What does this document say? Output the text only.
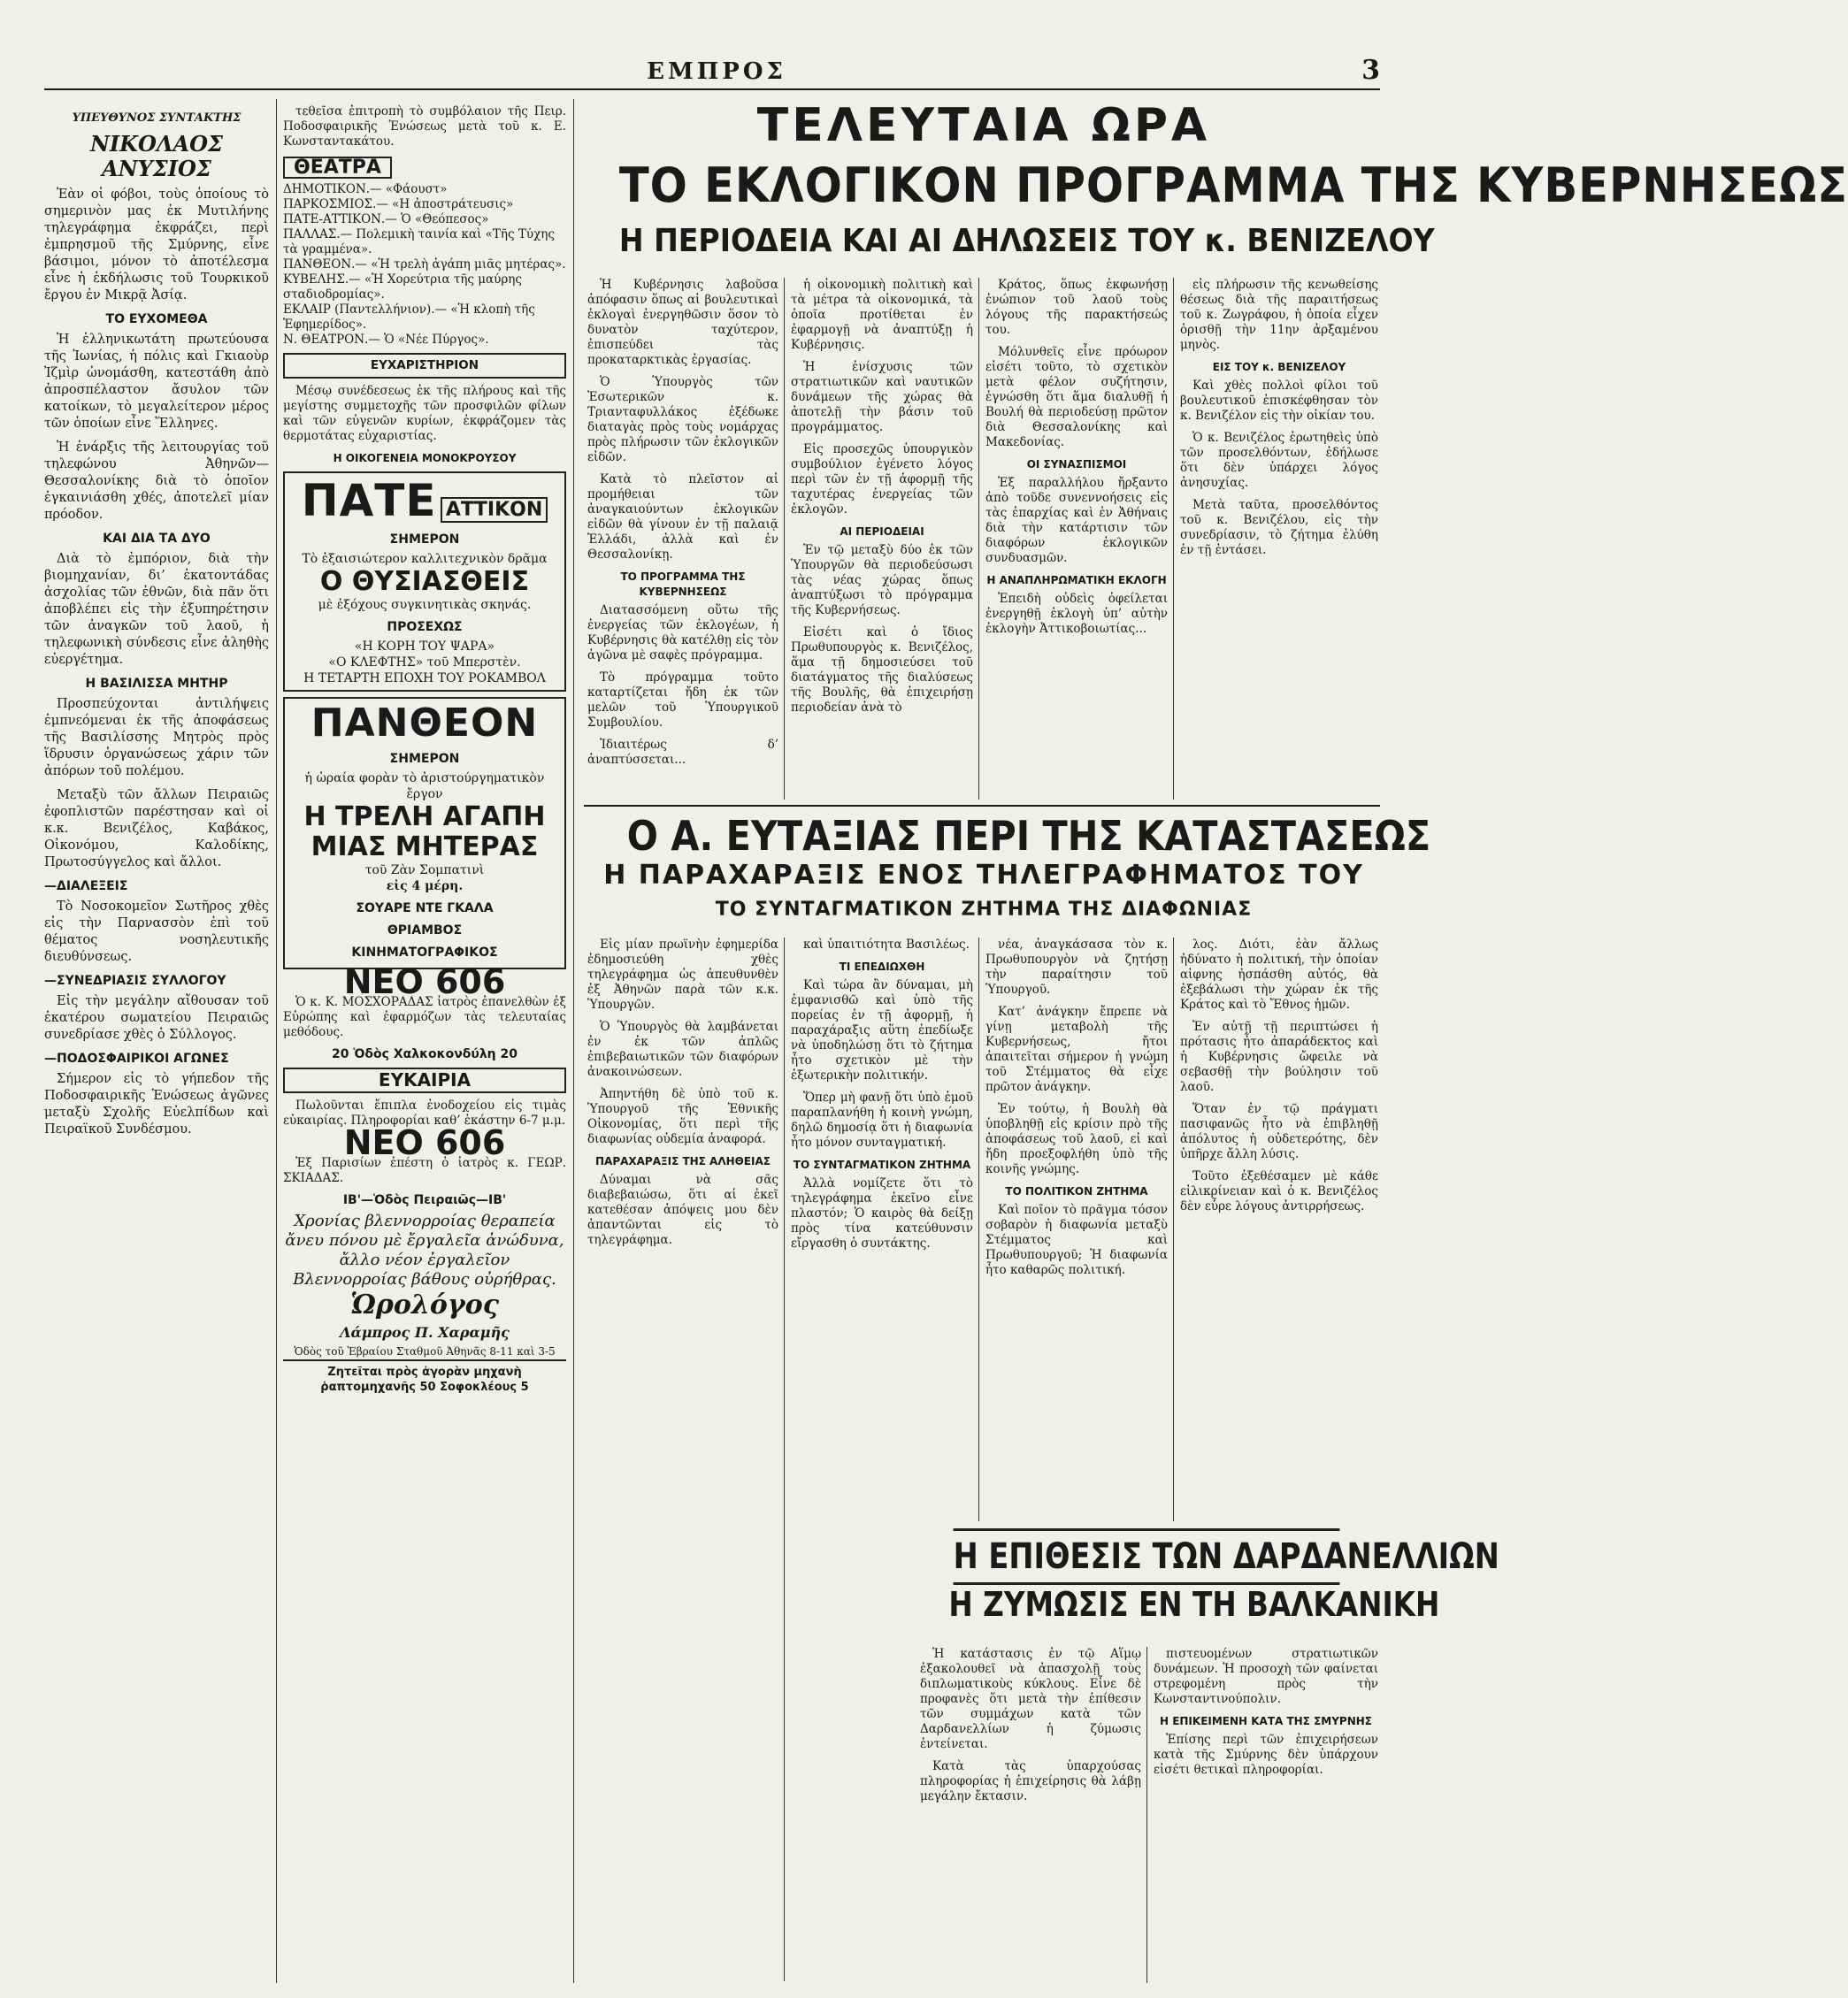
ΕΜΠΡΟΣ	3
ΥΠΕΥΘΥΝΟΣ ΣΥΝΤΑΚΤΗΣ
ΝΙΚΟΛΑΟΣ ΑΝΥΣΙΟΣ

Ἐὰν οἱ φόβοι, τοὺς ὁποίους τὸ σημερινὸν μας ἐκ Μυτιλήνης τηλεγράφημα ἐκφράζει, περὶ ἐμπρησμοῦ τῆς Σμύρνης, εἶνε βάσιμοι, μόνον τὸ ἀποτέλεσμα εἶνε ἡ ἐκδήλωσις τοῦ Τουρκικοῦ ἔργου ἐν Μικρᾷ Ἀσίᾳ.

ΤΟ ΕΥΧΟΜΕΘΑ

Ἡ ἑλληνικωτάτη πρωτεύουσα τῆς Ἰωνίας, ἡ πόλις καὶ Γκιαοὺρ Ἰζμὶρ ὠνομάσθη, κατεστάθη ἀπὸ ἀπροσπέλαστον ἄσυλον τῶν κατοίκων, τὸ μεγαλείτερον μέρος τῶν ὁποίων εἶνε Ἕλληνες.

Ἡ ἐνάρξις τῆς λειτουργίας τοῦ τηλεφώνου Ἀθηνῶν—Θεσσαλονίκης διὰ τὸ ὁποῖον ἐγκαινιάσθη χθές, ἀποτελεῖ μίαν πρόοδον.

ΚΑΙ ΔΙΑ ΤΑ ΔΥΟ

Διὰ τὸ ἐμπόριον, διὰ τὴν βιομηχανίαν, δι’ ἑκατοντάδας ἀσχολίας τῶν ἐθνῶν, διὰ πᾶν ὅτι ἀποβλέπει εἰς τὴν ἐξυπηρέτησιν τῶν ἀναγκῶν τοῦ λαοῦ, ἡ τηλεφωνικὴ σύνδεσις εἶνε ἀληθὴς εὐεργέτημα.

Η ΒΑΣΙΛΙΣΣΑ ΜΗΤΗΡ

Προσπεύχονται ἀντιλήψεις ἐμπνεόμεναι ἐκ τῆς ἀποφάσεως τῆς Βασιλίσσης Μητρὸς πρὸς ἵδρυσιν ὀργανώσεως χάριν τῶν ἀπόρων τοῦ πολέμου.

Μεταξὺ τῶν ἄλλων Πειραιῶς ἐφοπλιστῶν παρέστησαν καὶ οἱ κ.κ. Βενιζέλος, Καβάκος, Οἰκονόμου, Καλοδίκης, Πρωτοσύγγελος καὶ ἄλλοι.

—ΔΙΑΛΕΞΕΙΣ

Τὸ Νοσοκομεῖον Σωτῆρος χθὲς εἰς τὴν Παρνασσὸν ἐπὶ τοῦ θέματος νοσηλευτικῆς διευθύνσεως.

—ΣΥΝΕΔΡΙΑΣΙΣ ΣΥΛΛΟΓΟΥ

Εἰς τὴν μεγάλην αἴθουσαν τοῦ ἐκατέρου σωματείου Πειραιῶς συνεδρίασε χθὲς ὁ Σύλλογος.

—ΠΟΔΟΣΦΑΙΡΙΚΟΙ ΑΓΩΝΕΣ

Σήμερον εἰς τὸ γήπεδον τῆς Ποδοσφαιρικῆς Ἑνώσεως ἀγῶνες μεταξὺ Σχολῆς Εὐελπίδων καὶ Πειραϊκοῦ Συνδέσμου.

τεθεῖσα ἐπιτροπὴ τὸ συμβόλαιον τῆς Πειρ. Ποδοσφαιρικῆς Ἑνώσεως μετὰ τοῦ κ. Ε. Κωνσταντακάτου.

ΘΕΑΤΡΑ
ΔΗΜΟΤΙΚΟΝ.— «Φάουστ»
ΠΑΡΚΟΣΜΙΟΣ.— «Η ἀποστράτευσις»
ΠΑΤΕ-ΑΤΤΙΚΟΝ.— Ὁ «Θεόπεσος»
ΠΑΛΛΑΣ.— Πολεμικὴ ταινία καὶ «Τῆς Τύχης τὰ γραμμένα».
ΠΑΝΘΕΟΝ.— «Ἡ τρελὴ ἀγάπη μιᾶς μητέρας».
ΚΥΒΕΛΗΣ.— «Ἡ Χορεύτρια τῆς μαύρης σταδιοδρομίας».
ΕΚΛΑΙΡ (Παντελλήνιον).— «Ἡ κλοπὴ τῆς Ἑφημερίδος».
Ν. ΘΕΑΤΡΟΝ.— Ὁ «Νέε Πύργος».
ΕΥΧΑΡΙΣΤΗΡΙΟΝ

Μέσῳ συνέδεσεως ἐκ τῆς πλήρους καὶ τῆς μεγίστης συμμετοχῆς τῶν προσφιλῶν φίλων καὶ τῶν εὐγενῶν κυρίων, ἐκφράζομεν τὰς θερμοτάτας εὐχαριστίας.

Η ΟΙΚΟΓΕΝΕΙΑ ΜΟΝΟΚΡΟΥΣΟΥ
ΠΑΤΕ ΑΤΤΙΚΟΝ
ΣΗΜΕΡΟΝ
Τὸ ἐξαισιώτερον καλλιτεχνικὸν δρᾶμα
Ο ΘΥΣΙΑΣΘΕΙΣ
μὲ ἐξόχους συγκινητικὰς σκηνάς.
ΠΡΟΣΕΧΩΣ
«Η ΚΟΡΗ ΤΟΥ ΨΑΡΑ»
«Ο ΚΛΕΦΤΗΣ» τοῦ Μπερστὲν.
Η ΤΕΤΑΡΤΗ ΕΠΟΧΗ ΤΟΥ ΡΟΚΑΜΒΟΛ
ΠΑΝΘΕΟΝ
ΣΗΜΕΡΟΝ
ἡ ὡραία φορὰν τὸ ἀριστούργηματικὸν ἔργον
Η ΤΡΕΛΗ ΑΓΑΠΗ ΜΙΑΣ ΜΗΤΕΡΑΣ
τοῦ Ζὰν Σομπατινὶ
εἰς 4 μέρη.
ΣΟΥΑΡΕ ΝΤΕ ΓΚΑΛΑ
ΘΡΙΑΜΒΟΣ
ΚΙΝΗΜΑΤΟΓΡΑΦΙΚΟΣ
ΝΕΟ 606

Ὁ κ. Κ. ΜΟΣΧΟΡΑΔΑΣ ἰατρὸς ἐπανελθὼν ἐξ Εὐρώπης καὶ ἐφαρμόζων τὰς τελευταίας μεθόδους.

20 Ὁδὸς Χαλκοκονδύλη 20
ΕΥΚΑΙΡΙΑ

Πωλοῦνται ἔπιπλα ἐνοδοχείου εἰς τιμὰς εὐκαιρίας. Πληροφορίαι καθ’ ἑκάστην 6-7 μ.μ.

ΝΕΟ 606

Ἐξ Παρισίων ἐπέστη ὁ ἰατρὸς κ. ΓΕΩΡ. ΣΚΙΑΔΑΣ.

ΙΒ'—Ὁδὸς Πειραιῶς—ΙΒ'
Χρονίας βλεννορροίας θεραπεία ἄνευ πόνου μὲ ἔργαλεῖα ἀνώδυνα, ἄλλο νέον ἐργαλεῖον Βλεννορροίας βάθους οὐρήθρας.
Ὡρολόγος
Λάμπρος Π. Χαραμῆς
Ὁδὸς τοῦ Ἑβραίου Σταθμοῦ Ἀθηνᾶς 8-11 καὶ 3-5
Ζητεῖται πρὸς ἀγορὰν μηχανὴ ῥαπτομηχανῆς 50 Σοφοκλέους 5
ΤΕΛΕΥΤΑΙΑ ΩΡΑ
ΤΟ ΕΚΛΟΓΙΚΟΝ ΠΡΟΓΡΑΜΜΑ ΤΗΣ ΚΥΒΕΡΝΗΣΕΩΣ
Η ΠΕΡΙΟΔΕΙΑ ΚΑΙ ΑΙ ΔΗΛΩΣΕΙΣ ΤΟΥ κ. ΒΕΝΙΖΕΛΟΥ

Ἡ Κυβέρνησις λαβοῦσα ἀπόφασιν ὅπως αἱ βουλευτικαὶ ἐκλογαὶ ἐνεργηθῶσιν ὅσον τὸ δυνατὸν ταχύτερον, ἐπισπεύδει τὰς προκαταρκτικὰς ἐργασίας.

Ὁ Ὑπουργὸς τῶν Ἐσωτερικῶν κ. Τριανταφυλλάκος ἐξέδωκε διαταγὰς πρὸς τοὺς νομάρχας πρὸς πλήρωσιν τῶν ἐκλογικῶν εἰδῶν.

Κατὰ τὸ πλεῖστον αἱ προμήθειαι τῶν ἀναγκαιούντων ἐκλογικῶν εἰδῶν θὰ γίνουν ἐν τῇ παλαιᾷ Ἑλλάδι, ἀλλὰ καὶ ἐν Θεσσαλονίκῃ.

ΤΟ ΠΡΟΓΡΑΜΜΑ ΤΗΣ ΚΥΒΕΡΝΗΣΕΩΣ

Διατασσόμενη οὕτω τῆς ἐνεργείας τῶν ἐκλογέων, ἡ Κυβέρνησις θὰ κατέλθῃ εἰς τὸν ἀγῶνα μὲ σαφὲς πρόγραμμα.

Τὸ πρόγραμμα τοῦτο καταρτίζεται ἤδη ἐκ τῶν μελῶν τοῦ Ὑπουργικοῦ Συμβουλίου.

Ἰδιαιτέρως δ’ ἀναπτύσσεται...

ἡ οἰκονομικὴ πολιτικὴ καὶ τὰ μέτρα τὰ οἰκονομικά, τὰ ὁποῖα προτίθεται ἐν ἐφαρμογῇ νὰ ἀναπτύξῃ ἡ Κυβέρνησις.

Ἡ ἐνίσχυσις τῶν στρατιωτικῶν καὶ ναυτικῶν δυνάμεων τῆς χώρας θὰ ἀποτελῇ τὴν βάσιν τοῦ προγράμματος.

Εἰς προσεχῶς ὑπουργικὸν συμβούλιον ἐγένετο λόγος περὶ τῶν ἐν τῇ ἀφορμῇ τῆς ταχυτέρας ἐνεργείας τῶν ἐκλογῶν.

ΑΙ ΠΕΡΙΟΔΕΙΑΙ

Ἐν τῷ μεταξὺ δύο ἐκ τῶν Ὑπουργῶν θὰ περιοδεύσωσι τὰς νέας χώρας ὅπως ἀναπτύξωσι τὸ πρόγραμμα τῆς Κυβερνήσεως.

Εἰσέτι καὶ ὁ ἴδιος Πρωθυπουργὸς κ. Βενιζέλος, ἅμα τῇ δημοσιεύσει τοῦ διατάγματος τῆς διαλύσεως τῆς Βουλῆς, θὰ ἐπιχειρήσῃ περιοδείαν ἀνὰ τὸ

Κράτος, ὅπως ἐκφωνήσῃ ἐνώπιον τοῦ λαοῦ τοὺς λόγους τῆς παρακτήσεώς του.

Μόλυνθεῖς εἶνε πρόωρον εἰσέτι τοῦτο, τὸ σχετικὸν μετὰ φέλον συζήτησιν, ἐγνώσθη ὅτι ἅμα διαλυθῇ ἡ Βουλή θὰ περιοδεύσῃ πρῶτον διὰ Θεσσαλονίκης καὶ Μακεδονίας.

ΟΙ ΣΥΝΑΣΠΙΣΜΟΙ

Ἐξ παραλλήλου ἤρξαντο ἀπὸ τοῦδε συνεννοήσεις εἰς τὰς ἐπαρχίας καὶ ἐν Ἀθήναις διὰ τὴν κατάρτισιν τῶν διαφόρων ἐκλογικῶν συνδυασμῶν.

Η ΑΝΑΠΛΗΡΩΜΑΤΙΚΗ ΕΚΛΟΓΗ

Ἐπειδὴ οὐδεὶς ὀφείλεται ἐνεργηθῇ ἐκλογὴ ὑπ’ αὐτὴν ἐκλογὴν Ἀττικοβοιωτίας...

εἰς πλήρωσιν τῆς κενωθείσης θέσεως διὰ τῆς παραιτήσεως τοῦ κ. Ζωγράφου, ἡ ὁποία εἶχεν ὁρισθῇ τὴν 11ην ἀρξαμένου μηνὸς.

ΕΙΣ ΤΟΥ κ. ΒΕΝΙΖΕΛΟΥ

Καὶ χθὲς πολλοὶ φίλοι τοῦ βουλευτικοῦ ἐπισκέφθησαν τὸν κ. Βενιζέλον εἰς τὴν οἰκίαν του.

Ὁ κ. Βενιζέλος ἐρωτηθεὶς ὑπὸ τῶν προσελθόντων, ἐδήλωσε ὅτι δὲν ὑπάρχει λόγος ἀνησυχίας.

Μετὰ ταῦτα, προσελθόντος τοῦ κ. Βενιζέλου, εἰς τὴν συνεδρίασιν, τὸ ζήτημα ἐλύθη ἐν τῇ ἐντάσει.

Ο Α. ΕΥΤΑΞΙΑΣ ΠΕΡΙ ΤΗΣ ΚΑΤΑΣΤΑΣΕΩΣ
Η ΠΑΡΑΧΑΡΑΞΙΣ ΕΝΟΣ ΤΗΛΕΓΡΑΦΗΜΑΤΟΣ ΤΟΥ
ΤΟ ΣΥΝΤΑΓΜΑΤΙΚΟΝ ΖΗΤΗΜΑ ΤΗΣ ΔΙΑΦΩΝΙΑΣ

Εἰς μίαν πρωϊνὴν ἐφημερίδα ἐδημοσιεύθη χθὲς τηλεγράφημα ὡς ἀπευθυνθὲν ἐξ Ἀθηνῶν παρὰ τῶν κ.κ. Ὑπουργῶν.

Ὁ Ὑπουργὸς θὰ λαμβάνεται ἐν ἐκ τῶν ἀπλῶς ἐπιβεβαιωτικῶν τῶν διαφόρων ἀνακοινώσεων.

Ἀπηντήθη δὲ ὑπὸ τοῦ κ. Ὑπουργοῦ τῆς Ἐθνικῆς Οἰκονομίας, ὅτι περὶ τῆς διαφωνίας οὐδεμία ἀναφορά.

ΠΑΡΑΧΑΡΑΞΙΣ ΤΗΣ ΑΛΗΘΕΙΑΣ

Δύναμαι νὰ σᾶς διαβεβαιώσω, ὅτι αἱ ἐκεῖ κατεθέσαν ἀπόψεις μου δὲν ἀπαντῶνται εἰς τὸ τηλεγράφημα.

καὶ ὑπαιτιότητα Βασιλέως.

ΤΙ ΕΠΕΔΙΩΧΘΗ

Καὶ τώρα ἂν δύναμαι, μὴ ἐμφανισθῶ καὶ ὑπὸ τῆς πορείας ἐν τῇ ἀφορμῇ, ἡ παραχάραξις αὕτη ἐπεδίωξε νὰ ὑποδηλώσῃ ὅτι τὸ ζήτημα ἦτο σχετικὸν μὲ τὴν ἐξωτερικὴν πολιτικήν.

Ὅπερ μὴ φανῇ ὅτι ὑπὸ ἐμοῦ παραπλανήθη ἡ κοινὴ γνώμη, δηλῶ δημοσίᾳ ὅτι ἡ διαφωνία ἦτο μόνον συνταγματική.

ΤΟ ΣΥΝΤΑΓΜΑΤΙΚΟΝ ΖΗΤΗΜΑ

Ἀλλὰ νομίζετε ὅτι τὸ τηλεγράφημα ἐκεῖνο εἶνε πλαστόν; Ὁ καιρὸς θὰ δείξῃ πρὸς τίνα κατεύθυνσιν εἴργασθη ὁ συντάκτης.

νέα, ἀναγκάσασα τὸν κ. Πρωθυπουργὸν νὰ ζητήσῃ τὴν παραίτησιν τοῦ Ὑπουργοῦ.

Κατ’ ἀνάγκην ἔπρεπε νὰ γίνῃ μεταβολὴ τῆς Κυβερνήσεως, ἤτοι ἀπαιτεῖται σήμερον ἡ γνώμη τοῦ Στέμματος θὰ εἶχε πρῶτον ἀνάγκην.

Ἐν τούτῳ, ἡ Βουλὴ θὰ ὑποβληθῇ εἰς κρίσιν πρὸ τῆς ἀποφάσεως τοῦ λαοῦ, εἰ καὶ ἤδη προεξοφλήθη ὑπὸ τῆς κοινῆς γνώμης.

ΤΟ ΠΟΛΙΤΙΚΟΝ ΖΗΤΗΜΑ

Καὶ ποῖον τὸ πρᾶγμα τόσον σοβαρὸν ἡ διαφωνία μεταξὺ Στέμματος καὶ Πρωθυπουργοῦ; Ἡ διαφωνία ἦτο καθαρῶς πολιτική.

λος. Διότι, ἐὰν ἄλλως ἠδύνατο ἡ πολιτική, τὴν ὁποίαν αἰφνης ἠσπάσθη αὐτός, θὰ ἐξεβάλωσι τὴν χώραν ἐκ τῆς Κράτος καὶ τὸ Ἔθνος ἡμῶν.

Ἐν αὐτῇ τῇ περιπτώσει ἡ πρότασις ἦτο ἀπαράδεκτος καὶ ἡ Κυβέρνησις ὤφειλε νὰ σεβασθῇ τὴν βούλησιν τοῦ λαοῦ.

Ὅταν ἐν τῷ πράγματι πασιφανῶς ἦτο νὰ ἐπιβληθῇ ἀπόλυτος ἡ οὐδετερότης, δὲν ὑπῆρχε ἄλλη λύσις.

Τοῦτο ἐξεθέσαμεν μὲ κάθε εἰλικρίνειαν καὶ ὁ κ. Βενιζέλος δὲν εὗρε λόγους ἀντιρρήσεως.

Η ΕΠΙΘΕΣΙΣ ΤΩΝ ΔΑΡΔΑΝΕΛΛΙΩΝ
Η ΖΥΜΩΣΙΣ ΕΝ ΤΗ ΒΑΛΚΑΝΙΚΗ

Ἡ κατάστασις ἐν τῷ Αἵμῳ ἐξακολουθεῖ νὰ ἀπασχολῇ τοὺς διπλωματικοὺς κύκλους. Εἶνε δὲ προφανὲς ὅτι μετὰ τὴν ἐπίθεσιν τῶν συμμάχων κατὰ τῶν Δαρδανελλίων ἡ ζύμωσις ἐντείνεται.

Κατὰ τὰς ὑπαρχούσας πληροφορίας ἡ ἐπιχείρησις θὰ λάβῃ μεγάλην ἔκτασιν.

πιστευομένων στρατιωτικῶν δυνάμεων. Ἡ προσοχὴ τῶν φαίνεται στρεφομένη πρὸς τὴν Κωνσταντινούπολιν.

Η ΕΠΙΚΕΙΜΕΝΗ ΚΑΤΑ ΤΗΣ ΣΜΥΡΝΗΣ

Ἐπίσης περὶ τῶν ἐπιχειρήσεων κατὰ τῆς Σμύρνης δὲν ὑπάρχουν εἰσέτι θετικαὶ πληροφορίαι.
